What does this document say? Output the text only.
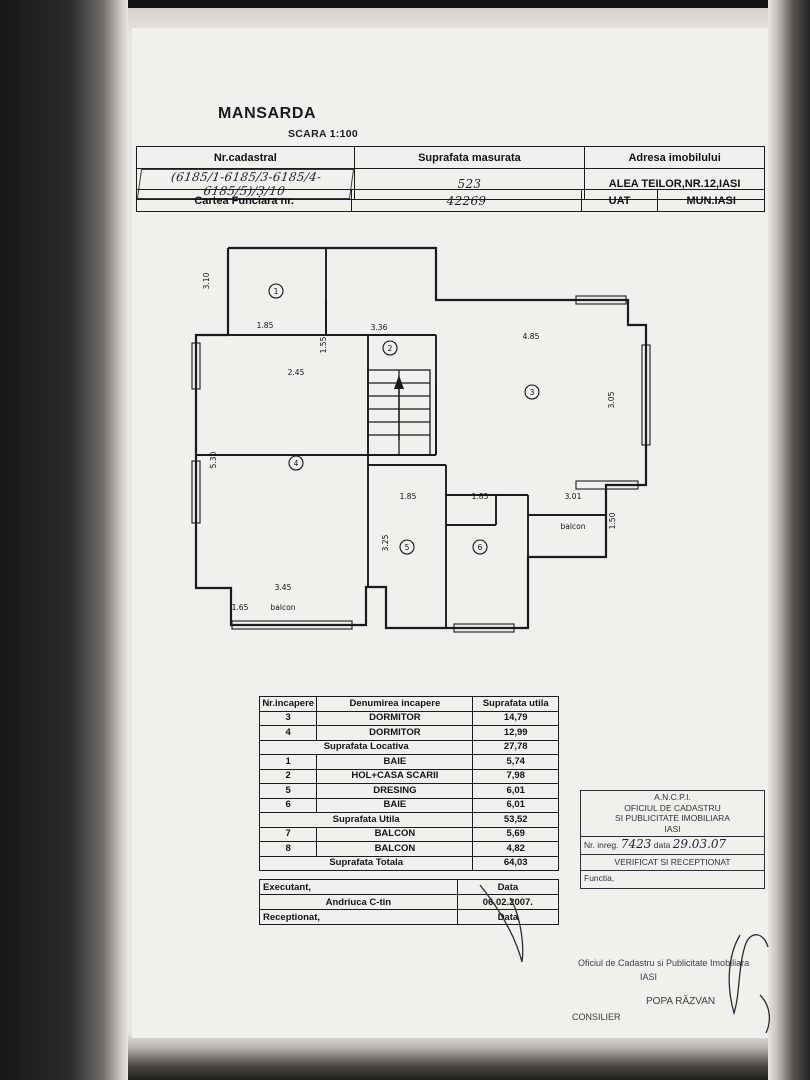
MANSARDA
SCARA 1:100
Nr.cadastral	Suprafata masurata	Adresa imobilului
(6185/1-6185/3-6185/4-6185/5)/3/10	523	ALEA TEILOR,NR.12,IASI
Cartea Funciara nr.	42269	UAT	MUN.IASI
1
2
3
4
5	6
3.10
1.85
1.55
3.36
4.85
2.45
3.05
5.30
1.85	1.85	3.01
1.50
3.25
3.45
1.65
balcon
balcon
Nr.incapere	Denumirea incapere	Suprafata utila
3	DORMITOR	14,79
4	DORMITOR	12,99
Suprafata Locativa		27,78
1	BAIE	5,74
2	HOL+CASA SCARII	7,98
5	DRESING	6,01
6	BAIE	6,01
Suprafata Utila		53,52
7	BALCON	5,69
8	BALCON	4,82
Suprafata Totala		64,03
Executant,	Data
Andriuca C-tin	06.02.2007.
Receptionat,	Data
A.N.C.P.I.
OFICIUL DE CADASTRU
SI PUBLICITATE IMOBILIARA
IASI
Nr. inreg. 7423 data 29.03.07
VERIFICAT SI RECEPTIONAT
Functia,
Oficiul de Cadastru si Publicitate Imobiliara
IASI
POPA RĂZVAN
CONSILIER
